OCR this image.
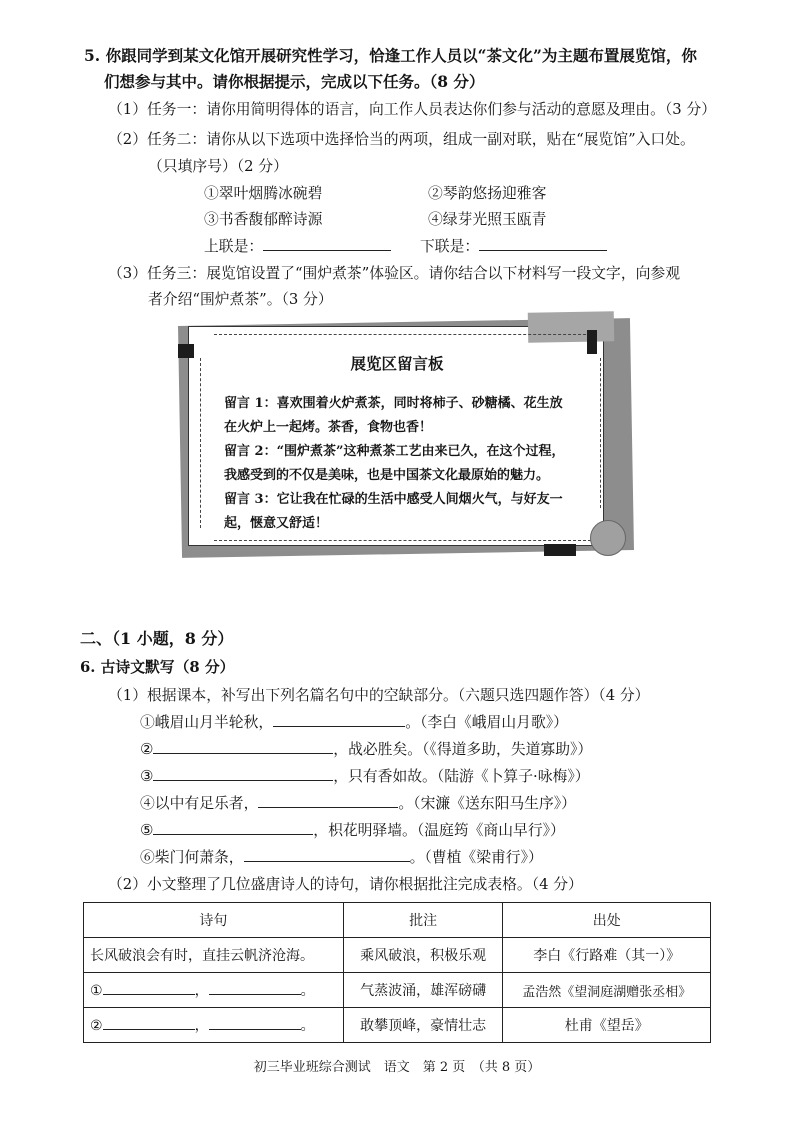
5. 你跟同学到某文化馆开展研究性学习，恰逢工作人员以“茶文化”为主题布置展览馆，你
们想参与其中。请你根据提示，完成以下任务。（8 分）
（1）任务一：请你用简明得体的语言，向工作人员表达你们参与活动的意愿及理由。（3 分）
（2）任务二：请你从以下选项中选择恰当的两项，组成一副对联，贴在“展览馆”入口处。
（只填序号）（2 分）
①翠叶烟腾冰碗碧	②琴韵悠扬迎雅客
③书香馥郁醉诗源	④绿芽光照玉瓯青
上联是：	下联是：
（3）任务三：展览馆设置了“围炉煮茶”体验区。请你结合以下材料写一段文字，向参观
者介绍“围炉煮茶”。（3 分）
展览区留言板
留言 1：喜欢围着火炉煮茶，同时将柿子、砂糖橘、花生放
在火炉上一起烤。茶香，食物也香！
留言 2：“围炉煮茶”这种煮茶工艺由来已久，在这个过程，
我感受到的不仅是美味，也是中国茶文化最原始的魅力。
留言 3：它让我在忙碌的生活中感受人间烟火气，与好友一
起，惬意又舒适！
二、（1 小题，8 分）
6. 古诗文默写（8 分）
（1）根据课本，补写出下列名篇名句中的空缺部分。（六题只选四题作答）（4 分）
①峨眉山月半轮秋，	。（李白《峨眉山月歌》）
②	，战必胜矣。（《得道多助，失道寡助》）
③	，只有香如故。（陆游《卜算子·咏梅》）
④以中有足乐者，	。（宋濂《送东阳马生序》）
⑤	，枳花明驿墙。（温庭筠《商山早行》）
⑥柴门何萧条，	。（曹植《梁甫行》）
（2）小文整理了几位盛唐诗人的诗句，请你根据批注完成表格。（4 分）
诗句	批注	出处
长风破浪会有时，直挂云帆济沧海。	乘风破浪，积极乐观	李白《行路难（其一）》
① ， 。	气蒸波涌，雄浑磅礴	孟浩然《望洞庭湖赠张丞相》
② ， 。	敢攀顶峰，豪情壮志	杜甫《望岳》
初三毕业班综合测试　语文　第 2 页　（共 8 页）
